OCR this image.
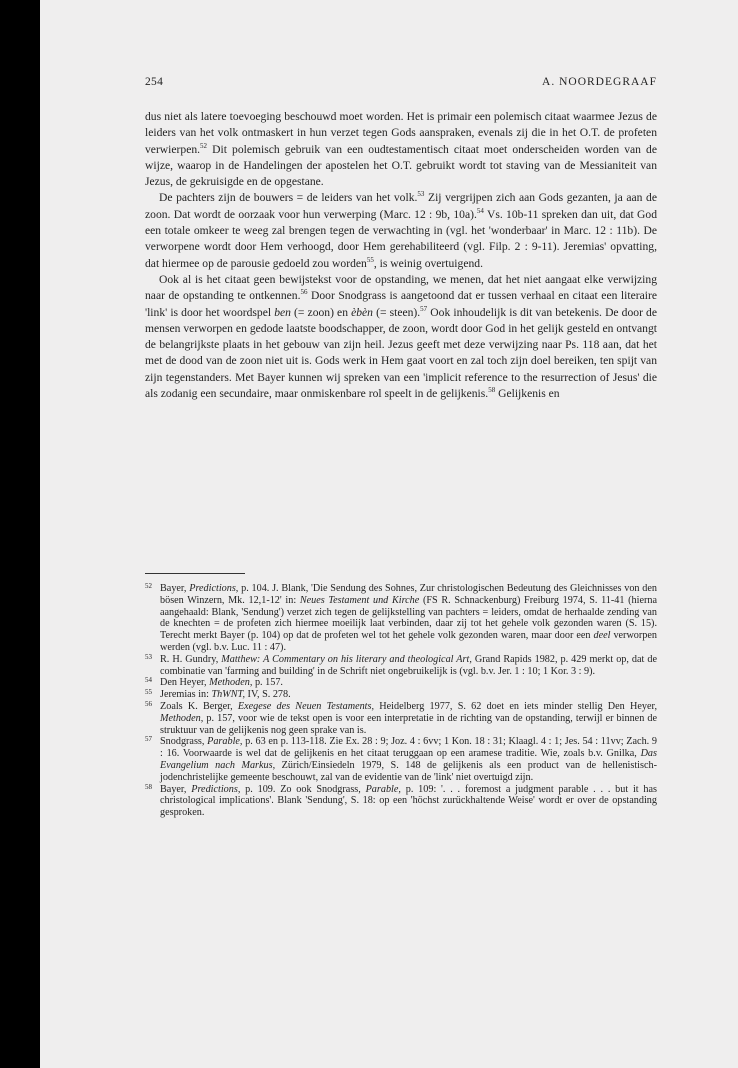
254	A. NOORDEGRAAF

dus niet als latere toevoeging beschouwd moet worden. Het is primair een polemisch citaat waarmee Jezus de leiders van het volk ontmaskert in hun verzet tegen Gods aanspraken, evenals zij die in het O.T. de profeten verwierpen.$^{52}$ Dit polemisch gebruik van een oudtestamentisch citaat moet onderscheiden worden van de wijze, waarop in de Handelingen der apostelen het O.T. gebruikt wordt tot staving van de Messianiteit van Jezus, de gekruisigde en de opgestane.

De pachters zijn de bouwers = de leiders van het volk.$^{53}$ Zij vergrijpen zich aan Gods gezanten, ja aan de zoon. Dat wordt de oorzaak voor hun verwerping (Marc. 12 : 9b, 10a).$^{54}$ Vs. 10b-11 spreken dan uit, dat God een totale omkeer te weeg zal brengen tegen de verwachting in (vgl. het 'wonderbaar' in Marc. 12 : 11b). De verworpene wordt door Hem verhoogd, door Hem gerehabiliteerd (vgl. Filp. 2 : 9-11). Jeremias' opvatting, dat hiermee op de parousie gedoeld zou worden$^{55}$, is weinig overtuigend.

Ook al is het citaat geen bewijstekst voor de opstanding, we menen, dat het niet aangaat elke verwijzing naar de opstanding te ontkennen.$^{56}$ Door Snodgrass is aangetoond dat er tussen verhaal en citaat een literaire 'link' is door het woordspel ben (= zoon) en èbèn (= steen).$^{57}$ Ook inhoudelijk is dit van betekenis. De door de mensen verworpen en gedode laatste boodschapper, de zoon, wordt door God in het gelijk gesteld en ontvangt de belangrijkste plaats in het gebouw van zijn heil. Jezus geeft met deze verwijzing naar Ps. 118 aan, dat het met de dood van de zoon niet uit is. Gods werk in Hem gaat voort en zal toch zijn doel bereiken, ten spijt van zijn tegenstanders. Met Bayer kunnen wij spreken van een 'implicit reference to the resurrection of Jesus' die als zodanig een secundaire, maar onmiskenbare rol speelt in de gelijkenis.$^{58}$ Gelijkenis en

52 Bayer, Predictions, p. 104. J. Blank, 'Die Sendung des Sohnes, Zur christologischen Bedeutung des Gleichnisses von den bösen Winzern, Mk. 12,1-12' in: Neues Testament und Kirche (FS R. Schnackenburg) Freiburg 1974, S. 11-41 (hierna aangehaald: Blank, 'Sendung') verzet zich tegen de gelijkstelling van pachters = leiders, omdat de herhaalde zending van de knechten = de profeten zich hiermee moeilijk laat verbinden, daar zij tot het gehele volk gezonden waren (S. 15). Terecht merkt Bayer (p. 104) op dat de profeten wel tot het gehele volk gezonden waren, maar door een deel verworpen werden (vgl. b.v. Luc. 11 : 47).

53 R. H. Gundry, Matthew: A Commentary on his literary and theological Art, Grand Rapids 1982, p. 429 merkt op, dat de combinatie van 'farming and building' in de Schrift niet ongebruikelijk is (vgl. b.v. Jer. 1 : 10; 1 Kor. 3 : 9).

54 Den Heyer, Methoden, p. 157.

55 Jeremias in: ThWNT, IV, S. 278.

56 Zoals K. Berger, Exegese des Neuen Testaments, Heidelberg 1977, S. 62 doet en iets minder stellig Den Heyer, Methoden, p. 157, voor wie de tekst open is voor een interpretatie in de richting van de opstanding, terwijl er binnen de struktuur van de gelijkenis nog geen sprake van is.

57 Snodgrass, Parable, p. 63 en p. 113-118. Zie Ex. 28 : 9; Joz. 4 : 6vv; 1 Kon. 18 : 31; Klaagl. 4 : 1; Jes. 54 : 11vv; Zach. 9 : 16. Voorwaarde is wel dat de gelijkenis en het citaat teruggaan op een aramese traditie. Wie, zoals b.v. Gnilka, Das Evangelium nach Markus, Zürich/Einsiedeln 1979, S. 148 de gelijkenis als een product van de hellenistisch-jodenchristelijke gemeente beschouwt, zal van de evidentie van de 'link' niet overtuigd zijn.

58 Bayer, Predictions, p. 109. Zo ook Snodgrass, Parable, p. 109: '. . . foremost a judgment parable . . . but it has christological implications'. Blank 'Sendung', S. 18: op een 'höchst zurückhaltende Weise' wordt er over de opstanding gesproken.
